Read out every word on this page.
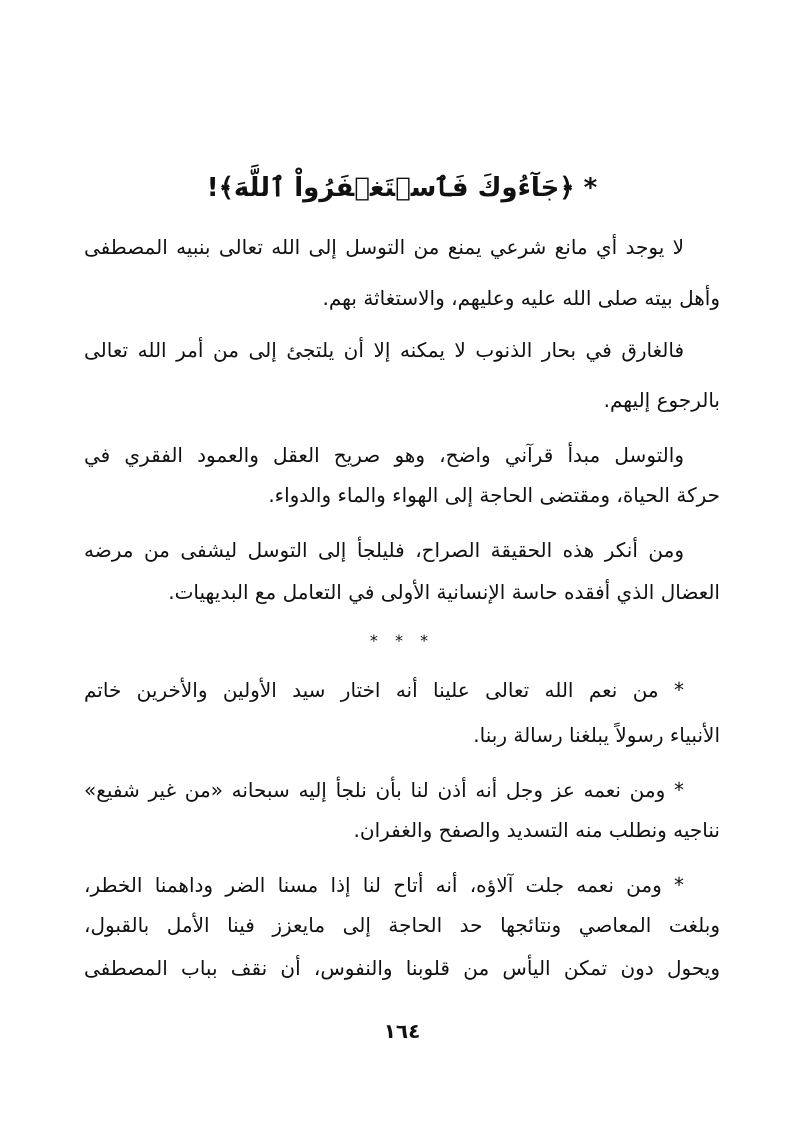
* ﴿جَآءُوكَ فَٱسۡتَغۡفَرُواْ ٱللَّهَ﴾!
لا يوجد أي مانع شرعي يمنع من التوسل إلى الله تعالى بنبيه المصطفى
وأهل بيته صلى الله عليه وعليهم، والاستغاثة بهم.
فالغارق في بحار الذنوب لا يمكنه إلا أن يلتجئ إلى من أمر الله تعالى
بالرجوع إليهم.
والتوسل مبدأ قرآني واضح، وهو صريح العقل والعمود الفقري في
حركة الحياة، ومقتضى الحاجة إلى الهواء والماء والدواء.
ومن أنكر هذه الحقيقة الصراح، فليلجأ إلى التوسل ليشفى من مرضه
العضال الذي أفقده حاسة الإنسانية الأولى في التعامل مع البديهيات.
* * *
* من نعم الله تعالى علينا أنه اختار سيد الأولين والأخرين خاتم
الأنبياء رسولاً يبلغنا رسالة ربنا.
* ومن نعمه عز وجل أنه أذن لنا بأن نلجأ إليه سبحانه «من غير شفيع»
نناجيه ونطلب منه التسديد والصفح والغفران.
* ومن نعمه جلت آلاؤه، أنه أتاح لنا إذا مسنا الضر وداهمنا الخطر،
وبلغت المعاصي ونتائجها حد الحاجة إلى مايعزز فينا الأمل بالقبول،
ويحول دون تمكن اليأس من قلوبنا والنفوس، أن نقف بباب المصطفى
١٦٤
